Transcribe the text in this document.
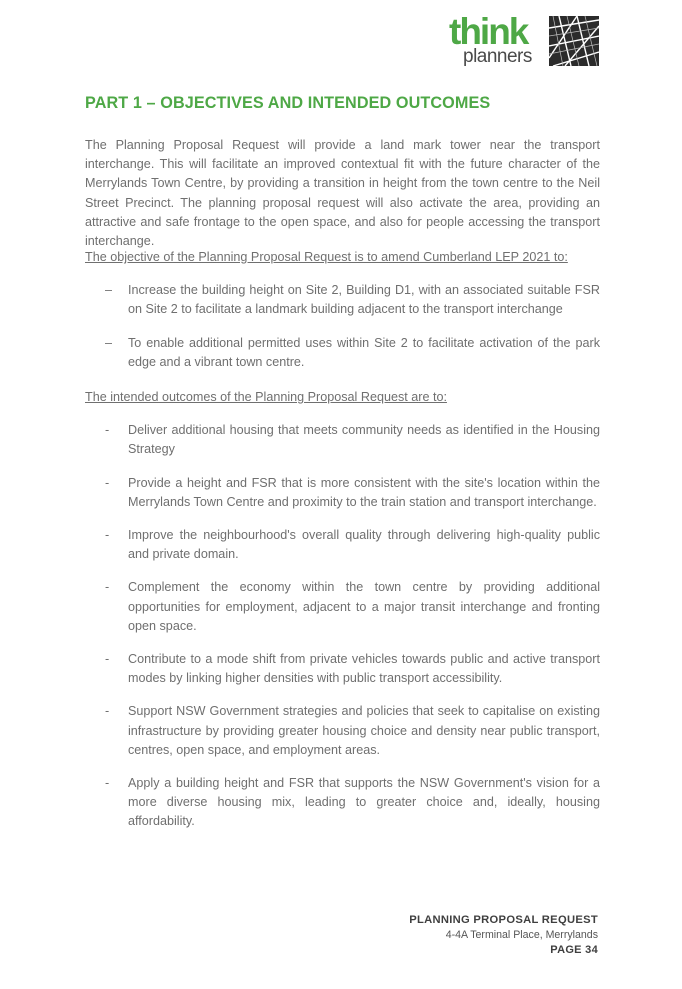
think
planners
PART 1 – OBJECTIVES AND INTENDED OUTCOMES

The Planning Proposal Request will provide a land mark tower near the transport interchange. This will facilitate an improved contextual fit with the future character of the Merrylands Town Centre, by providing a transition in height from the town centre to the Neil Street Precinct. The planning proposal request will also activate the area, providing an attractive and safe frontage to the open space, and also for people accessing the transport interchange.

The objective of the Planning Proposal Request is to amend Cumberland LEP 2021 to:

– Increase the building height on Site 2, Building D1, with an associated suitable FSR on Site 2 to facilitate a landmark building adjacent to the transport interchange
– To enable additional permitted uses within Site 2 to facilitate activation of the park edge and a vibrant town centre.

The intended outcomes of the Planning Proposal Request are to:

- Deliver additional housing that meets community needs as identified in the Housing Strategy
- Provide a height and FSR that is more consistent with the site's location within the Merrylands Town Centre and proximity to the train station and transport interchange.
- Improve the neighbourhood's overall quality through delivering high-quality public and private domain.
- Complement the economy within the town centre by providing additional opportunities for employment, adjacent to a major transit interchange and fronting open space.
- Contribute to a mode shift from private vehicles towards public and active transport modes by linking higher densities with public transport accessibility.
- Support NSW Government strategies and policies that seek to capitalise on existing infrastructure by providing greater housing choice and density near public transport, centres, open space, and employment areas.
- Apply a building height and FSR that supports the NSW Government's vision for a more diverse housing mix, leading to greater choice and, ideally, housing affordability.
PLANNING PROPOSAL REQUEST
4-4A Terminal Place, Merrylands
PAGE 34
